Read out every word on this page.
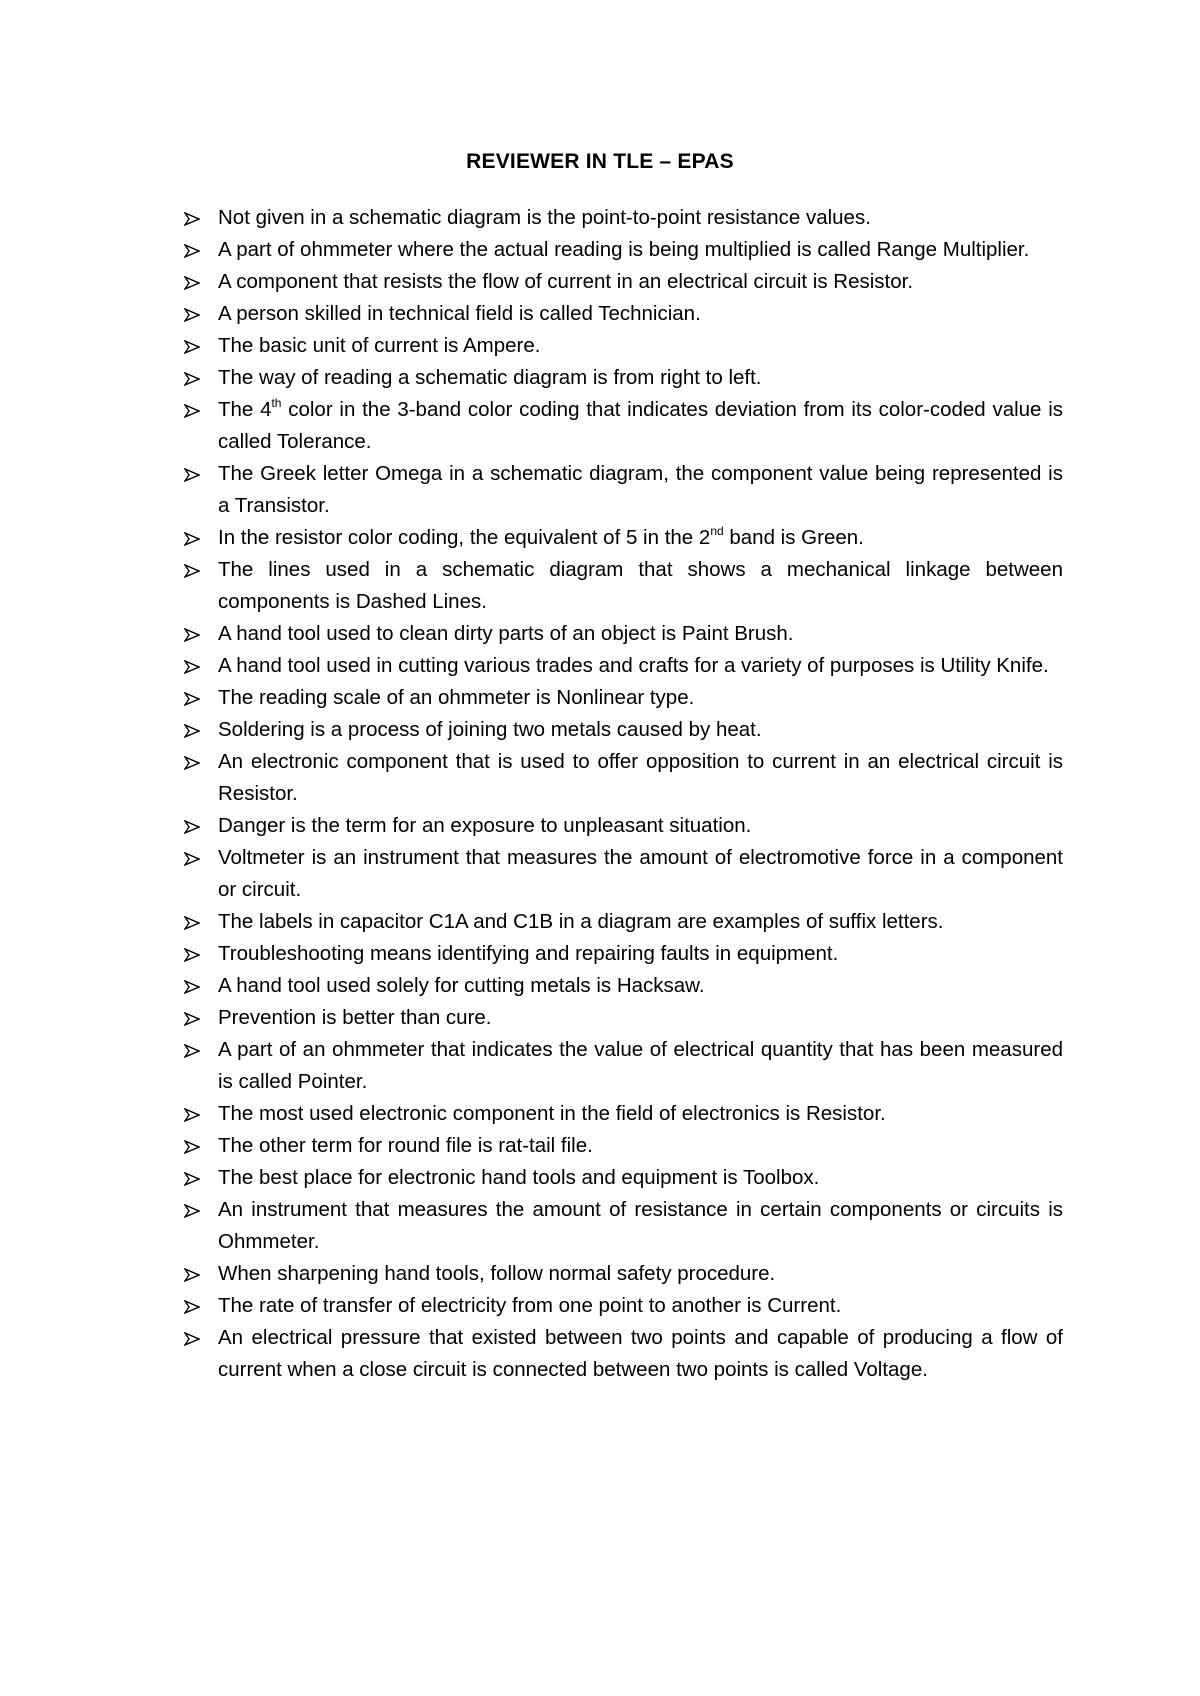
REVIEWER IN TLE – EPAS
Not given in a schematic diagram is the point-to-point resistance values.
A part of ohmmeter where the actual reading is being multiplied is called Range Multiplier.
A component that resists the flow of current in an electrical circuit is Resistor.
A person skilled in technical field is called Technician.
The basic unit of current is Ampere.
The way of reading a schematic diagram is from right to left.
The 4th color in the 3-band color coding that indicates deviation from its color-coded value is called Tolerance.
The Greek letter Omega in a schematic diagram, the component value being represented is a Transistor.
In the resistor color coding, the equivalent of 5 in the 2nd band is Green.
The lines used in a schematic diagram that shows a mechanical linkage between components is Dashed Lines.
A hand tool used to clean dirty parts of an object is Paint Brush.
A hand tool used in cutting various trades and crafts for a variety of purposes is Utility Knife.
The reading scale of an ohmmeter is Nonlinear type.
Soldering is a process of joining two metals caused by heat.
An electronic component that is used to offer opposition to current in an electrical circuit is Resistor.
Danger is the term for an exposure to unpleasant situation.
Voltmeter is an instrument that measures the amount of electromotive force in a component or circuit.
The labels in capacitor C1A and C1B in a diagram are examples of suffix letters.
Troubleshooting means identifying and repairing faults in equipment.
A hand tool used solely for cutting metals is Hacksaw.
Prevention is better than cure.
A part of an ohmmeter that indicates the value of electrical quantity that has been measured is called Pointer.
The most used electronic component in the field of electronics is Resistor.
The other term for round file is rat-tail file.
The best place for electronic hand tools and equipment is Toolbox.
An instrument that measures the amount of resistance in certain components or circuits is Ohmmeter.
When sharpening hand tools, follow normal safety procedure.
The rate of transfer of electricity from one point to another is Current.
An electrical pressure that existed between two points and capable of producing a flow of current when a close circuit is connected between two points is called Voltage.
